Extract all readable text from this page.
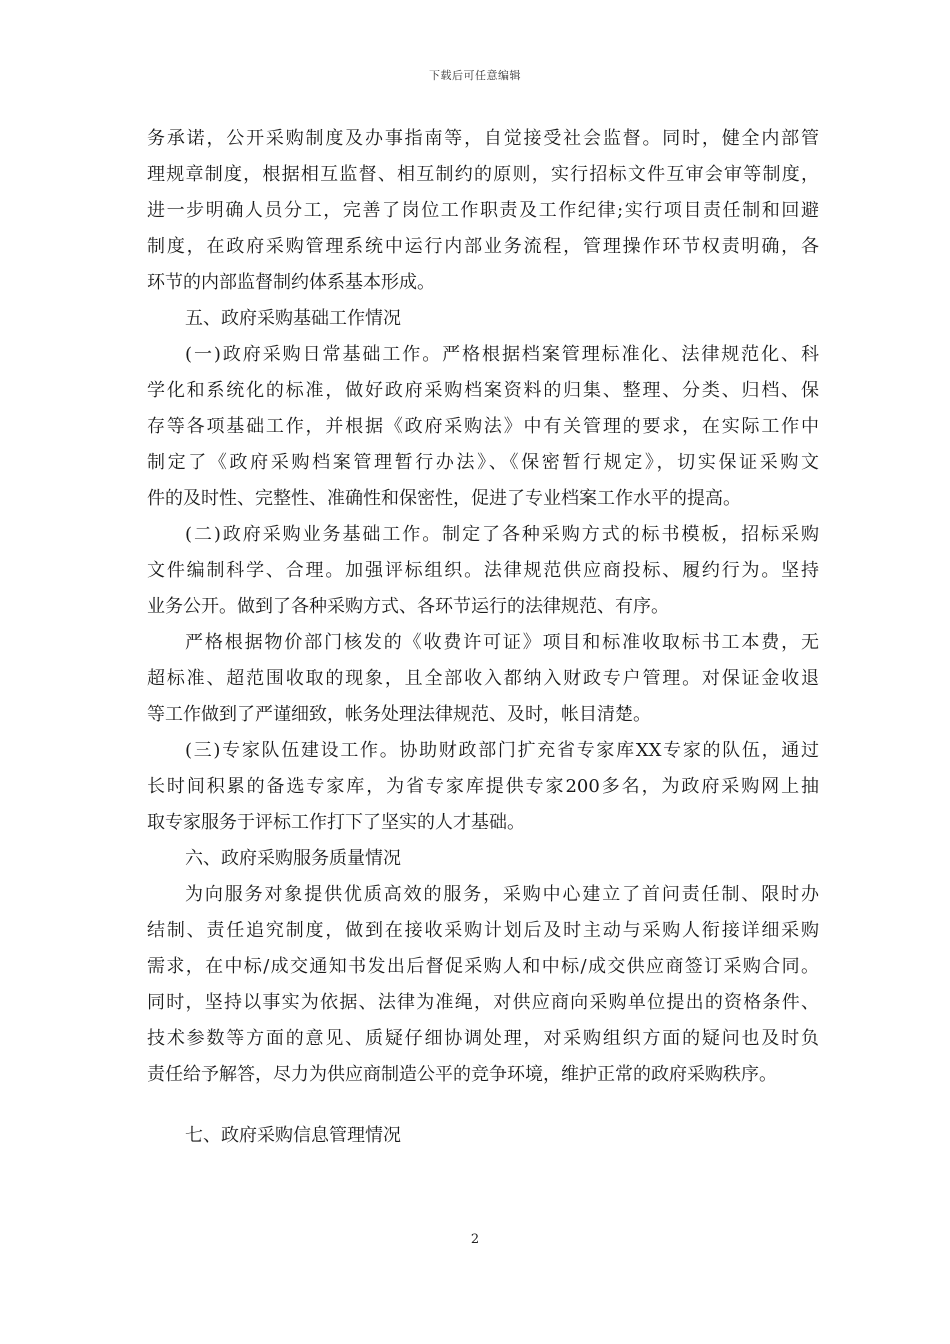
下载后可任意编辑
务承诺，公开采购制度及办事指南等，自觉接受社会监督。同时，健全内部管
理规章制度，根据相互监督、相互制约的原则，实行招标文件互审会审等制度，
进一步明确人员分工，完善了岗位工作职责及工作纪律;实行项目责任制和回避
制度，在政府采购管理系统中运行内部业务流程，管理操作环节权责明确，各
环节的内部监督制约体系基本形成。
五、政府采购基础工作情况
(一)政府采购日常基础工作。严格根据档案管理标准化、法律规范化、科
学化和系统化的标准，做好政府采购档案资料的归集、整理、分类、归档、保
存等各项基础工作，并根据《政府采购法》中有关管理的要求，在实际工作中
制定了《政府采购档案管理暂行办法》、《保密暂行规定》，切实保证采购文
件的及时性、完整性、准确性和保密性，促进了专业档案工作水平的提高。
(二)政府采购业务基础工作。制定了各种采购方式的标书模板，招标采购
文件编制科学、合理。加强评标组织。法律规范供应商投标、履约行为。坚持
业务公开。做到了各种采购方式、各环节运行的法律规范、有序。
严格根据物价部门核发的《收费许可证》项目和标准收取标书工本费，无
超标准、超范围收取的现象，且全部收入都纳入财政专户管理。对保证金收退
等工作做到了严谨细致，帐务处理法律规范、及时，帐目清楚。
(三)专家队伍建设工作。协助财政部门扩充省专家库XX专家的队伍，通过
长时间积累的备选专家库，为省专家库提供专家200多名，为政府采购网上抽
取专家服务于评标工作打下了坚实的人才基础。
六、政府采购服务质量情况
为向服务对象提供优质高效的服务，采购中心建立了首问责任制、限时办
结制、责任追究制度，做到在接收采购计划后及时主动与采购人衔接详细采购
需求，在中标/成交通知书发出后督促采购人和中标/成交供应商签订采购合同。
同时，坚持以事实为依据、法律为准绳，对供应商向采购单位提出的资格条件、
技术参数等方面的意见、质疑仔细协调处理，对采购组织方面的疑问也及时负
责任给予解答，尽力为供应商制造公平的竞争环境，维护正常的政府采购秩序。
七、政府采购信息管理情况
2
